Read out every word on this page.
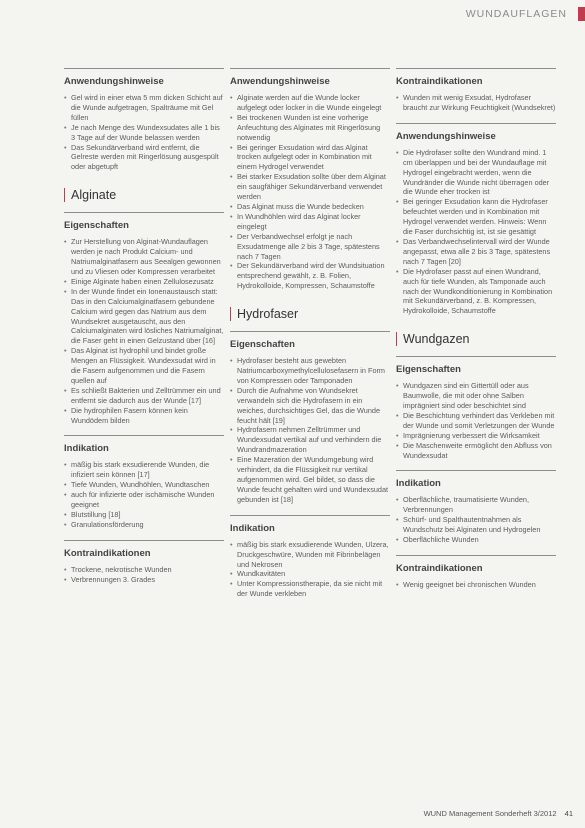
WUNDAUFLAGEN
Anwendungshinweise
• Gel wird in einer etwa 5 mm dicken Schicht auf die Wunde aufgetragen, Spalträume mit Gel füllen
• Je nach Menge des Wundexsudates alle 1 bis 3 Tage auf der Wunde belassen werden
• Das Sekundärverband wird entfernt, die Gelreste werden mit Ringerlösung ausgespült oder abgetupft
Alginate
Eigenschaften
• Zur Herstellung von Alginat-Wundauflagen werden je nach Produkt Calcium- und Natriumalginatfasern aus Seealgen gewonnen und zu Vliesen oder Kompressen verarbeitet
• Einige Alginate haben einen Zellulosezusatz
• In der Wunde findet ein Ionenaustausch statt: Das in den Calciumalginatfasern gebundene Calcium wird gegen das Natrium aus dem Wundsekret ausgetauscht, aus den Calciumalginaten wird lösliches Natriumalginat, die Faser geht in einen Gelzustand über [16]
• Das Alginat ist hydrophil und bindet große Mengen an Flüssigkeit. Wundexsudat wird in die Fasern aufgenommen und die Fasern quellen auf
• Es schließt Bakterien und Zelltrümmer ein und entfernt sie dadurch aus der Wunde [17]
• Die hydrophilen Fasern können kein Wundödem bilden
Indikation
• mäßig bis stark exsudierende Wunden, die infiziert sein können [17]
• Tiefe Wunden, Wundhöhlen, Wundtaschen
• auch für infizierte oder ischämische Wunden geeignet
• Blutstillung [18]
• Granulationsförderung
Kontraindikationen
• Trockene, nekrotische Wunden
• Verbrennungen 3. Grades
Anwendungshinweise
• Alginate werden auf die Wunde locker aufgelegt oder locker in die Wunde eingelegt
• Bei trockenen Wunden ist eine vorherige Anfeuchtung des Alginates mit Ringerlösung notwendig
• Bei geringer Exsudation wird das Alginat trocken aufgelegt oder in Kombination mit einem Hydrogel verwendet
• Bei starker Exsudation sollte über dem Alginat ein saugfähiger Sekundärverband verwendet werden
• Das Alginat muss die Wunde bedecken
• In Wundhöhlen wird das Alginat locker eingelegt
• Der Verbandwechsel erfolgt je nach Exsudatmenge alle 2 bis 3 Tage, spätestens nach 7 Tagen
• Der Sekundärverband wird der Wundsituation entsprechend gewählt, z. B. Folien, Hydrokolloide, Kompressen, Schaumstoffe
Hydrofaser
Eigenschaften
• Hydrofaser besteht aus gewebten Natriumcarboxymethylcellulosefasern in Form von Kompressen oder Tamponaden
• Durch die Aufnahme von Wundsekret verwandeln sich die Hydrofasern in ein weiches, durchsichtiges Gel, das die Wunde feucht hält [19]
• Hydrofasern nehmen Zelltrümmer und Wundexsudat vertikal auf und verhindern die Wundrandmazeration
• Eine Mazeration der Wundumgebung wird verhindert, da die Flüssigkeit nur vertikal aufgenommen wird. Gel bildet, so dass die Wunde feucht gehalten wird und Wundexsudat gebunden ist [18]
Indikation
• mäßig bis stark exsudierende Wunden, Ulzera, Druckgeschwüre, Wunden mit Fibrinbelägen und Nekrosen
• Wundkavitäten
• Unter Kompressionstherapie, da sie nicht mit der Wunde verkleben
Kontraindikationen
• Wunden mit wenig Exsudat, Hydrofaser braucht zur Wirkung Feuchtigkeit (Wundsekret)
Anwendungshinweise
• Die Hydrofaser sollte den Wundrand mind. 1 cm überlappen und bei der Wundauflage mit Hydrogel eingebracht werden, wenn die Wundränder die Wunde nicht überragen oder die Wunde eher trocken ist
• Bei geringer Exsudation kann die Hydrofaser befeuchtet werden und in Kombination mit Hydrogel verwendet werden. Hinweis: Wenn die Faser durchsichtig ist, ist sie gesättigt
• Das Verbandwechselintervall wird der Wunde angepasst, etwa alle 2 bis 3 Tage, spätestens nach 7 Tagen [20]
• Die Hydrofaser passt auf einen Wundrand, auch für tiefe Wunden, als Tamponade auch nach der Wundkonditionierung in Kombination mit Sekundärverband, z. B. Kompressen, Hydrokolloide, Schaumstoffe
Wundgazen
Eigenschaften
• Wundgazen sind ein Gittertüll oder aus Baumwolle, die mit oder ohne Salben imprägniert sind oder beschichtet sind
• Die Beschichtung verhindert das Verkleben mit der Wunde und somit Verletzungen der Wunde
• Imprägnierung verbessert die Wirksamkeit
• Die Maschenweite ermöglicht den Abfluss von Wundexsudat
Indikation
• Oberflächliche, traumatisierte Wunden, Verbrennungen
• Schürf- und Spalthautentnahmen als Wundschutz bei Alginaten und Hydrogelen
• Oberflächliche Wunden
Kontraindikationen
• Wenig geeignet bei chronischen Wunden
WUND Management Sonderheft 3/2012 41
